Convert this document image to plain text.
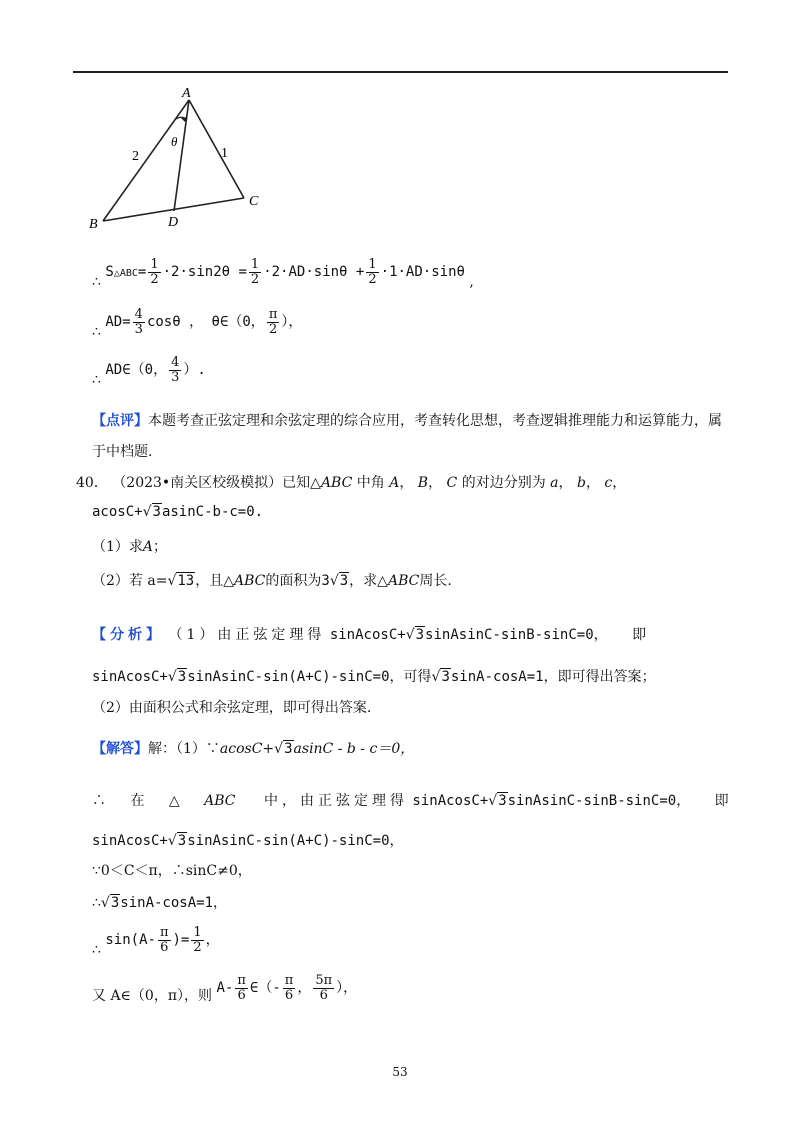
A
B
C
D
θ
2	1
∴ S△ABC= $\frac{1}{2} \cdot 2\cdot\sin 2\theta = \frac{1}{2} \cdot 2\cdot AD\cdot\sin\theta + \frac{1}{2} \cdot 1\cdot AD\cdot\sin\theta$ ,
∴ $AD= \frac{4}{3}$ cosθ ， θ∈（0， $\frac{\pi}{2}$ ），
∴ AD∈（0， $\frac{4}{3}$ ）.
【点评】本题考查正弦定理和余弦定理的综合应用，考查转化思想，考查逻辑推理能力和运算能力，属
于中档题.
40． （2023•南关区校级模拟）已知△ABC 中角 A， B， C 的对边分别为 a， b， c，
acosC+√3asinC-b-c=0.
（1）求A；
（2）若 a=√13，且△ABC的面积为3√3，求△ABC周长.
【分析】 （1）由正弦定理得 sinAcosC+√3sinAsinC-sinB-sinC=0， 即
sinAcosC+√3sinAsinC-sin(A+C)-sinC=0，可得√3sinA-cosA=1，即可得出答案；
（2）由面积公式和余弦定理，即可得出答案.
【解答】解：（1）∵acosC+√3asinC - b - c＝0，
∴ 在 △ ABC 中，由正弦定理得 sinAcosC+√3sinAsinC-sinB-sinC=0， 即
sinAcosC+√3sinAsinC-sin(A+C)-sinC=0，
∵0＜C＜π，∴sinC≠0，
∴√3sinA-cosA=1，
∴ $\sin(A- \frac{\pi}{6}$ )= $\frac{1}{2}$ ，
又 A∈（0，π），则 $A- \frac{\pi}{6}$ ∈（- $\frac{\pi}{6}$ ， $\frac{5\pi}{6}$ ），
53
